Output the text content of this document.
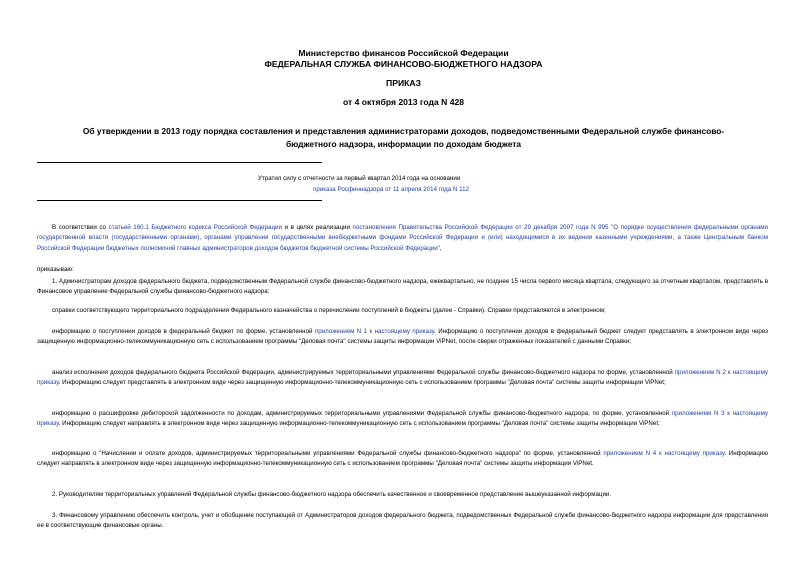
Министерство финансов Российской Федерации
ФЕДЕРАЛЬНАЯ СЛУЖБА ФИНАНСОВО-БЮДЖЕТНОГО НАДЗОРА
ПРИКАЗ
от 4 октября 2013 года N 428
Об утверждении в 2013 году порядка составления и представления администраторами доходов, подведомственными Федеральной службе финансово-бюджетного надзора, информации по доходам бюджета
Утратил силу с отчетности за первый квартал 2014 года на основании
приказа Росфиннадзора от 11 апреля 2014 года N 112

В соответствии со статьей 160.1 Бюджетного кодекса Российской Федерации и в целях реализации постановления Правительства Российской Федерации от 29 декабря 2007 года N 995 "О порядке осуществления федеральными органами государственной власти (государственными органами), органами управления государственными внебюджетными фондами Российской Федерации и (или) находящимися в их ведении казенными учреждениями, а также Центральным банком Российской Федерации бюджетных полномочий главных администраторов доходов бюджетов бюджетной системы Российской Федерации",

приказываю:

1. Администраторам доходов федерального бюджета, подведомственным Федеральной службе финансово-бюджетного надзора, ежеквартально, не позднее 15 числа первого месяца квартала, следующего за отчетным кварталом, представлять в Финансовое управление Федеральной службы финансово-бюджетного надзора:

справки соответствующего территориального подразделения Федерального казначейства о перечислении поступлений в бюджеты (далее - Справки). Справки представляются в электронном;

информацию о поступлении доходов в федеральный бюджет по форме, установленной приложением N 1 к настоящему приказу. Информацию о поступлении доходов в федеральный бюджет следует представлять в электронном виде через защищенную информационно-телекоммуникационную сеть с использованием программы "Деловая почта" системы защиты информации ViPNet, после сверки отраженных показателей с данными Справки;

анализ исполнения доходов федерального бюджета Российской Федерации, администрируемых территориальными управлениями Федеральной службы финансово-бюджетного надзора по форме, установленной приложением N 2 к настоящему приказу. Информацию следует представлять в электронном виде через защищенную информационно-телекоммуникационную сеть с использованием программы "Деловая почта" системы защиты информации ViPNet;

информацию о расшифровке дебиторской задолженности по доходам, администрируемых территориальными управлениями Федеральной службы финансово-бюджетного надзора, по форме, установленной приложением N 3 к настоящему приказу. Информацию следует направлять в электронном виде через защищенную информационно-телекоммуникационную сеть с использованием программы "Деловая почта" системы защиты информации ViPNet;

информацию о "Начислении и оплате доходов, администрируемых территориальными управлениями Федеральной службы финансово-бюджетного надзора" по форме, установленной приложением N 4 к настоящему приказу. Информацию следует направлять в электронном виде через защищенную информационно-телекоммуникационную сеть с использованием программы "Деловая почта" системы защиты информации ViPNet.

2. Руководителям территориальных управлений Федеральной службы финансово-бюджетного надзора обеспечить качественное и своевременное представление вышеуказанной информации.

3. Финансовому управлению обеспечить контроль, учет и обобщение поступающей от Администраторов доходов федерального бюджета, подведомственных Федеральной службе финансово-бюджетного надзора информации для представления ее в соответствующие финансовые органы.
